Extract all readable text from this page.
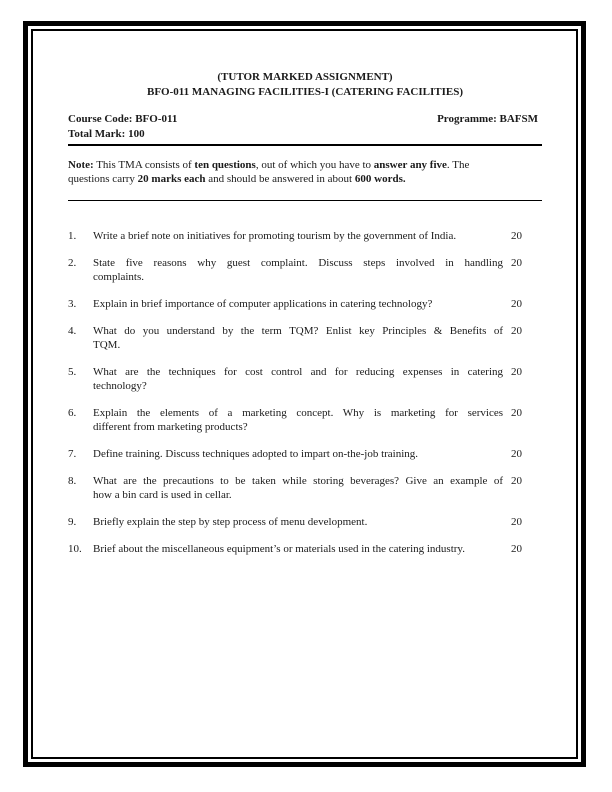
(TUTOR MARKED ASSIGNMENT)
BFO-011 MANAGING FACILITIES-I (CATERING FACILITIES)
Course Code: BFO-011	Programme: BAFSM
Total Mark: 100
Note: This TMA consists of ten questions, out of which you have to answer any five. The
questions carry 20 marks each and should be answered in about 600 words.
1.	Write a brief note on initiatives for promoting tourism by the government of India.	20
2.	State five reasons why guest complaint. Discuss steps involved in handling
complaints.
20
3.	Explain in brief importance of computer applications in catering technology?	20
4.	What do you understand by the term TQM? Enlist key Principles & Benefits of
TQM.
20
5.	What are the techniques for cost control and for reducing expenses in catering
technology?
20
6.	Explain the elements of a marketing concept. Why is marketing for services
different from marketing products?
20
7.	Define training. Discuss techniques adopted to impart on-the-job training.	20
8.	What are the precautions to be taken while storing beverages? Give an example of
how a bin card is used in cellar.
20
9.	Briefly explain the step by step process of menu development.	20
10.	Brief about the miscellaneous equipment’s or materials used in the catering industry.	20
